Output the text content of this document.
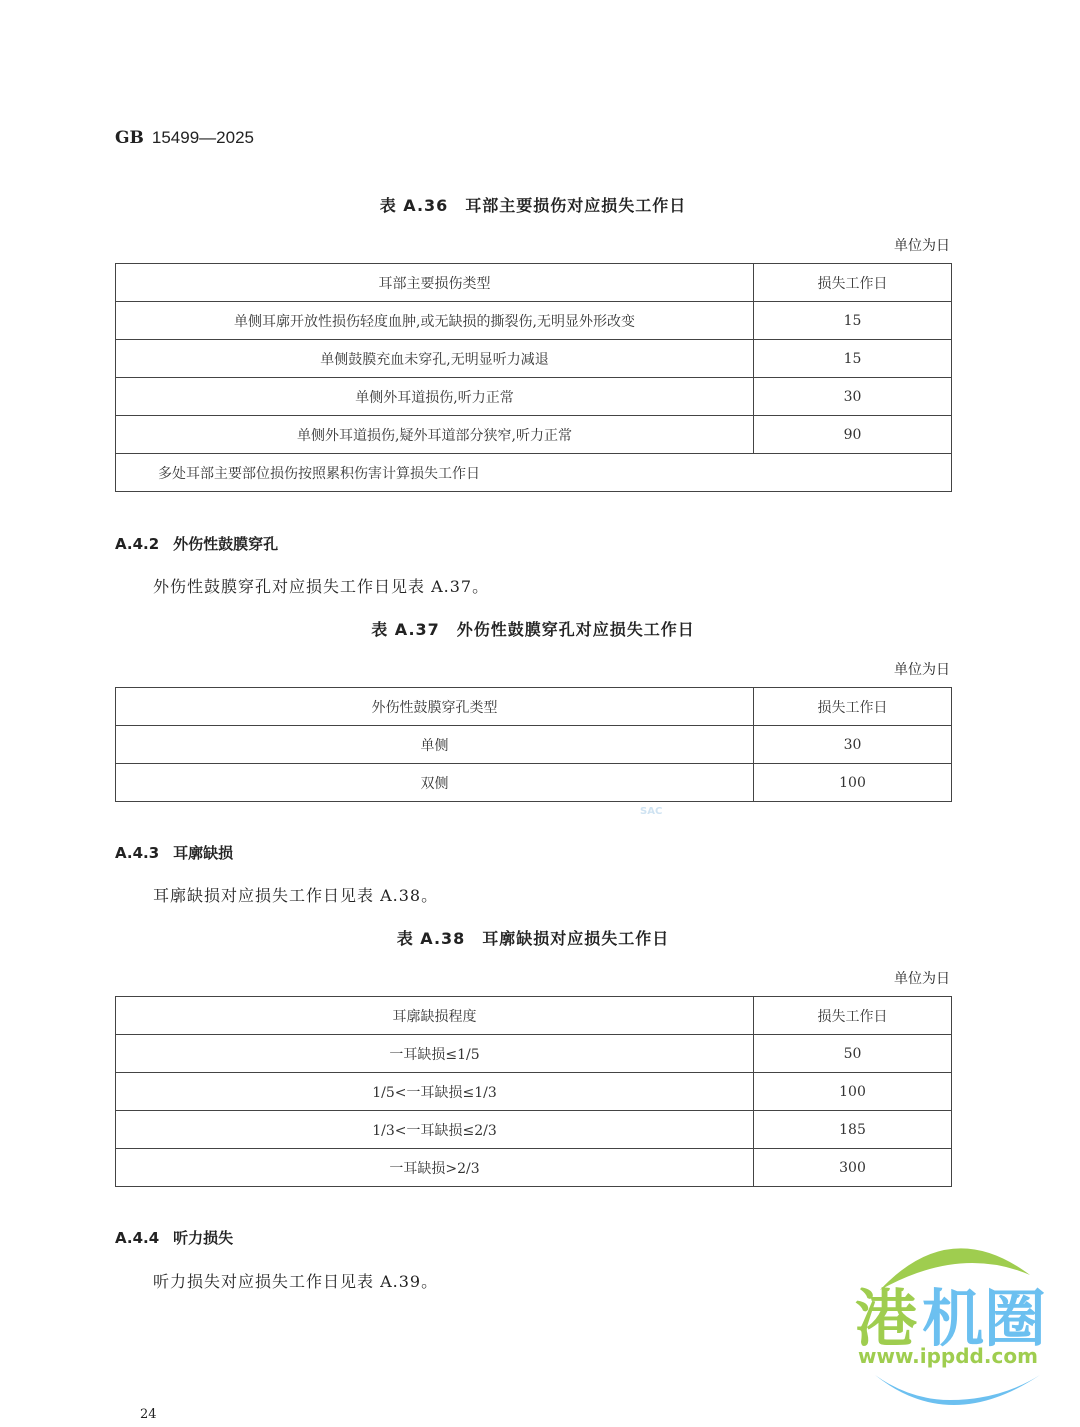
GB 15499—2025
表 A.36　耳部主要损伤对应损失工作日
单位为日
耳部主要损伤类型	损失工作日
单侧耳廓开放性损伤轻度血肿,或无缺损的撕裂伤,无明显外形改变	15
单侧鼓膜充血未穿孔,无明显听力减退	15
单侧外耳道损伤,听力正常	30
单侧外耳道损伤,疑外耳道部分狭窄,听力正常	90
多处耳部主要部位损伤按照累积伤害计算损失工作日	
A.4.2 外伤性鼓膜穿孔
外伤性鼓膜穿孔对应损失工作日见表 A.37。
表 A.37　外伤性鼓膜穿孔对应损失工作日
单位为日
外伤性鼓膜穿孔类型	损失工作日
单侧	30
双侧	100
SAC
A.4.3 耳廓缺损
耳廓缺损对应损失工作日见表 A.38。
表 A.38　耳廓缺损对应损失工作日
单位为日
耳廓缺损程度	损失工作日
一耳缺损≤1/5	50
1/5<一耳缺损≤1/3	100
1/3<一耳缺损≤2/3	185
一耳缺损>2/3	300
A.4.4 听力损失
听力损失对应损失工作日见表 A.39。
24
港 机圈
www.ippdd.com
